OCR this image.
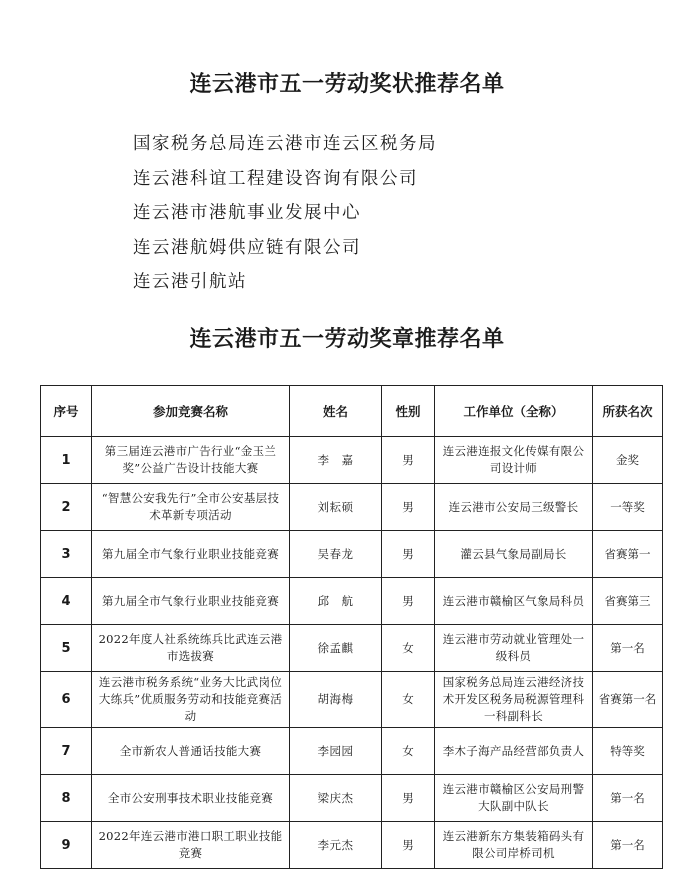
连云港市五一劳动奖状推荐名单
国家税务总局连云港市连云区税务局
连云港科谊工程建设咨询有限公司
连云港市港航事业发展中心
连云港航姆供应链有限公司
连云港引航站
连云港市五一劳动奖章推荐名单
序号	参加竞赛名称	姓名	性别	工作单位（全称）	所获名次
1	第三届连云港市广告行业“金玉兰奖”公益广告设计技能大赛	李　嘉	男	连云港连报文化传媒有限公司设计师	金奖
2	“智慧公安我先行”全市公安基层技术革新专项活动	刘耘硕	男	连云港市公安局三级警长	一等奖
3	第九届全市气象行业职业技能竞赛	吴春龙	男	灌云县气象局副局长	省赛第一
4	第九届全市气象行业职业技能竞赛	邱　航	男	连云港市赣榆区气象局科员	省赛第三
5	2022年度人社系统练兵比武连云港市选拔赛	徐孟麒	女	连云港市劳动就业管理处一级科员	第一名
6	连云港市税务系统“业务大比武岗位大练兵”优质服务劳动和技能竞赛活动	胡海梅	女	国家税务总局连云港经济技术开发区税务局税源管理科一科副科长	省赛第一名
7	全市新农人普通话技能大赛	李园园	女	李木子海产品经营部负责人	特等奖
8	全市公安刑事技术职业技能竞赛	梁庆杰	男	连云港市赣榆区公安局刑警大队副中队长	第一名
9	2022年连云港市港口职工职业技能竞赛	李元杰	男	连云港新东方集装箱码头有限公司岸桥司机	第一名
